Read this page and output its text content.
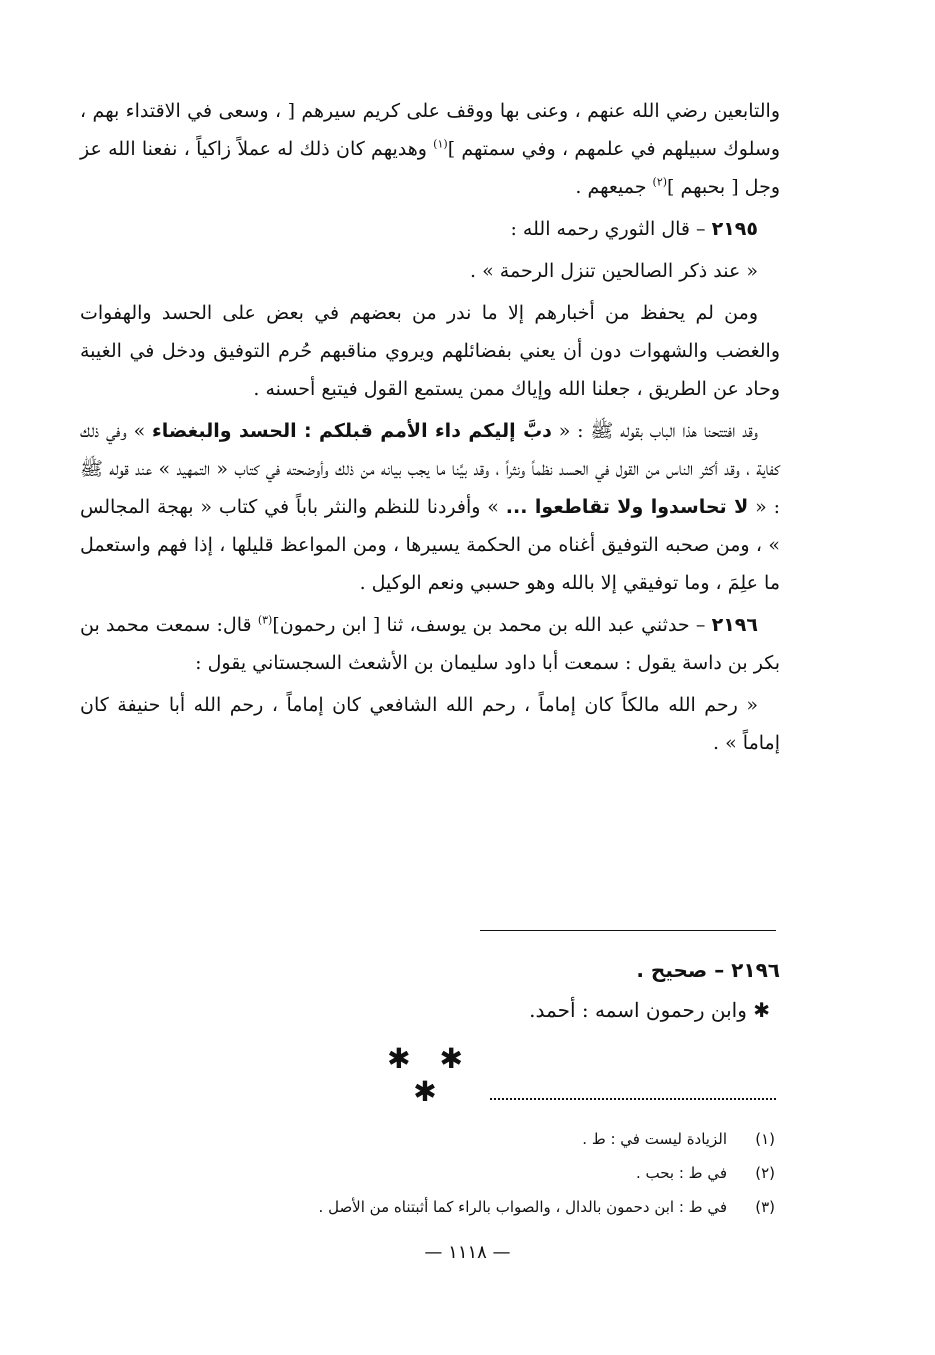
والتابعين رضي الله عنهم ، وعنى بها ووقف على كريم سيرهم [ ، وسعى في الاقتداء بهم ، وسلوك سبيلهم في علمهم ، وفي سمتهم ]$^{(١)}$ وهديهم كان ذلك له عملاً زاكياً ، نفعنا الله عز وجل [ بحبهم ]$^{(٢)}$ جميعهم .

٢١٩٥ – قال الثوري رحمه الله :

« عند ذكر الصالحين تنزل الرحمة » .

ومن لم يحفظ من أخبارهم إلا ما ندر من بعضهم في بعض على الحسد والهفوات والغضب والشهوات دون أن يعني بفضائلهم ويروي مناقبهم حُرم التوفيق ودخل في الغيبة وحاد عن الطريق ، جعلنا الله وإياك ممن يستمع القول فيتبع أحسنه .

وقد افتتحنا هذا الباب بقوله ﷺ : « دبَّ إليكم داء الأمم قبلكم : الحسد والبغضاء » وفي ذلك كفاية ، وقد أكثر الناس من القول في الحسد نظماً ونثراً ، وقد بيَّنا ما يجب بيانه من ذلك وأوضحته في كتاب « التمهيد » عند قوله ﷺ : « لا تحاسدوا ولا تقاطعوا ... » وأفردنا للنظم والنثر باباً في كتاب « بهجة المجالس » ، ومن صحبه التوفيق أغناه من الحكمة يسيرها ، ومن المواعظ قليلها ، إذا فهم واستعمل ما علِمَ ، وما توفيقي إلا بالله وهو حسبي ونعم الوكيل .

٢١٩٦ – حدثني عبد الله بن محمد بن يوسف، ثنا [ ابن رحمون]$^{(٣)}$ قال: سمعت محمد بن بكر بن داسة يقول : سمعت أبا داود سليمان بن الأشعث السجستاني يقول :

« رحم الله مالكاً كان إماماً ، رحم الله الشافعي كان إماماً ، رحم الله أبا حنيفة كان إماماً » .

٢١٩٦ – صحيح .

✱ وابن رحمون اسمه : أحمد.

✱ ✱ ✱
(١)
الزيادة ليست في : ط .
(٢)
في ط : بحب .
(٣)
في ط : ابن دحمون بالدال ، والصواب بالراء كما أثبتناه من الأصل .
— ١١١٨ —
